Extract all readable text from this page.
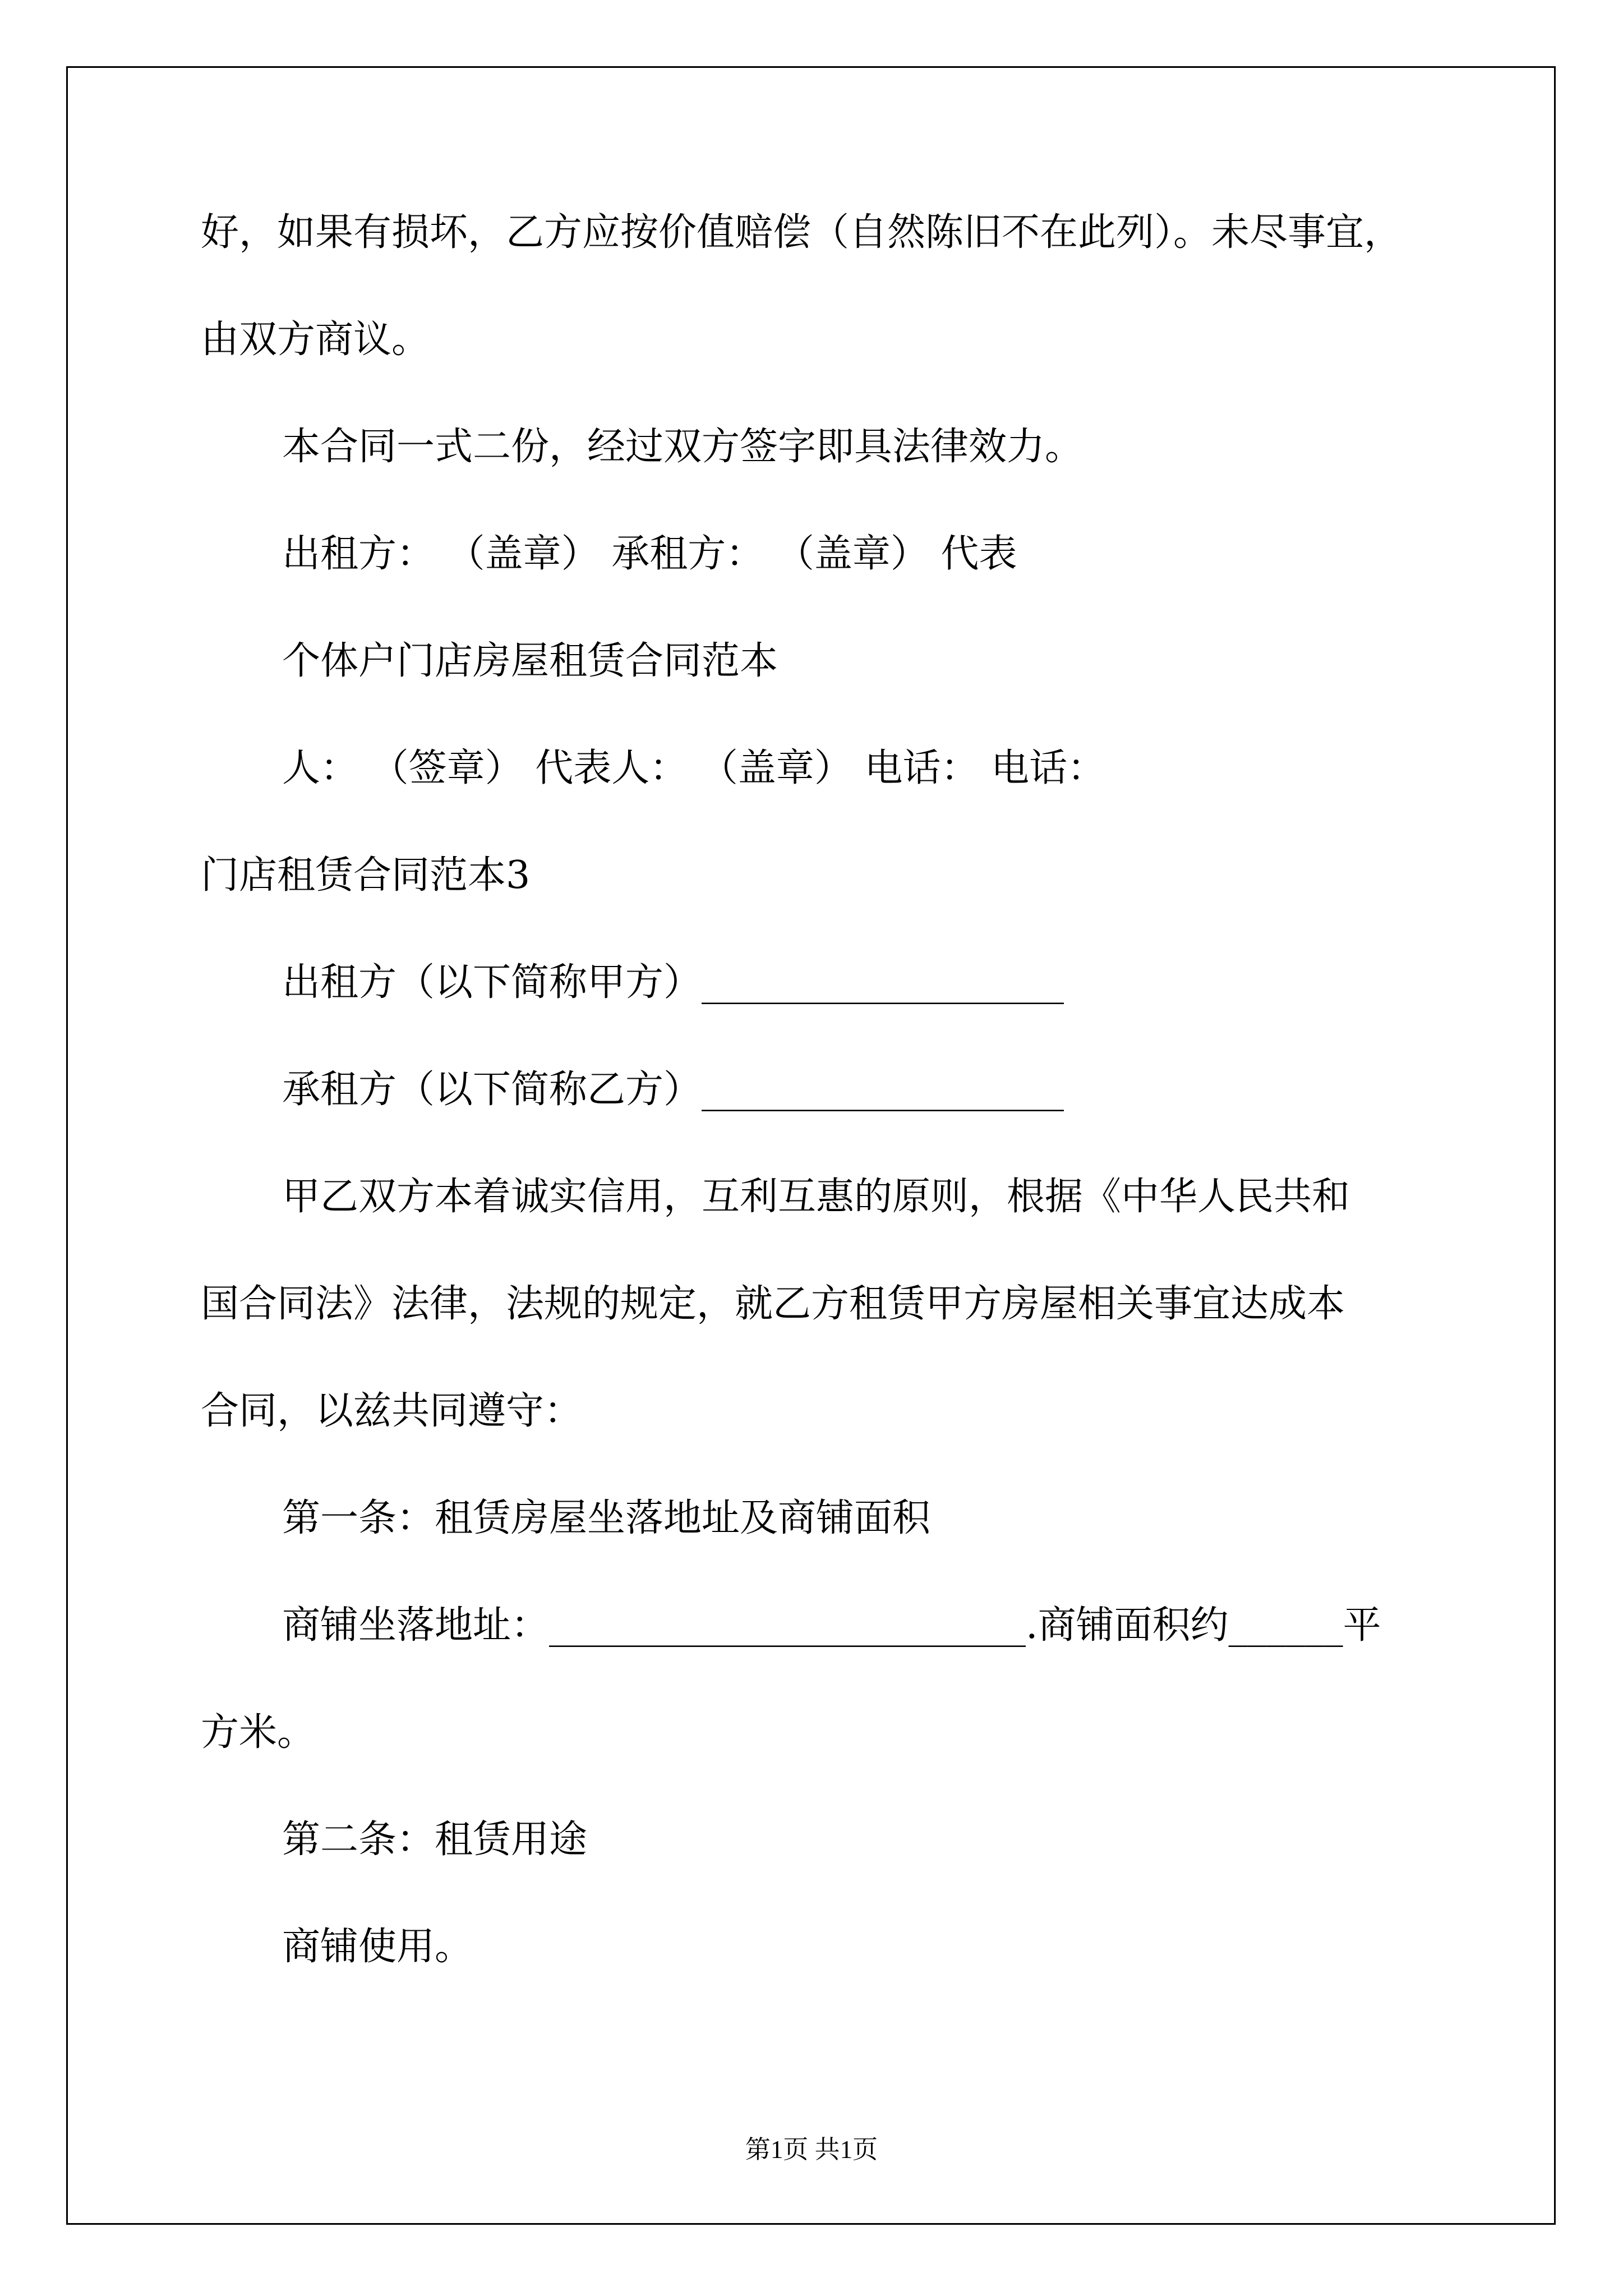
好，如果有损坏，乙方应按价值赔偿（自然陈旧不在此列）。未尽事宜，
由双方商议。
本合同一式二份，经过双方签字即具法律效力。
出租方： （盖章） 承租方： （盖章） 代表
个体户门店房屋租赁合同范本
人： （签章） 代表人： （盖章） 电话： 电话：
门店租赁合同范本3
出租方（以下简称甲方）___________________
承租方（以下简称乙方）___________________
甲乙双方本着诚实信用，互利互惠的原则，根据《中华人民共和
国合同法》法律，法规的规定，就乙方租赁甲方房屋相关事宜达成本
合同，以兹共同遵守：
第一条：租赁房屋坐落地址及商铺面积
商铺坐落地址：_________________________.商铺面积约______平
方米。
第二条：租赁用途
商铺使用。
第1页 共1页
